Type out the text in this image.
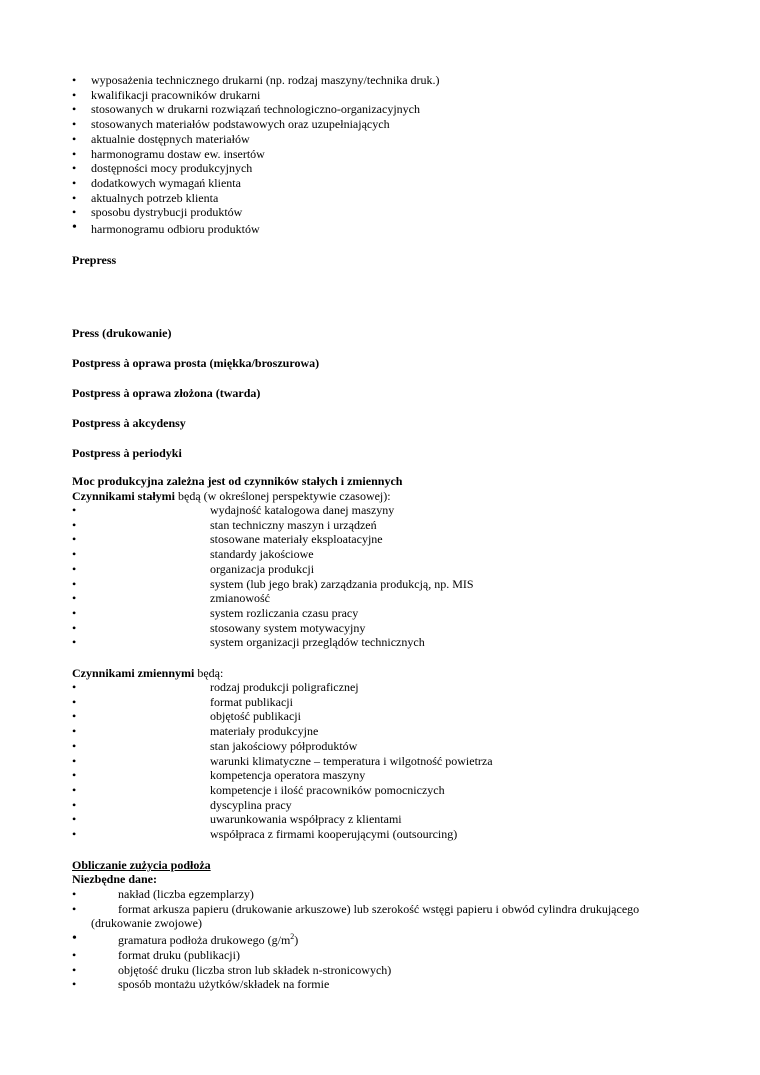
• wyposażenia technicznego drukarni (np. rodzaj maszyny/technika druk.)
• kwalifikacji pracowników drukarni
• stosowanych w drukarni rozwiązań technologiczno-organizacyjnych
• stosowanych materiałów podstawowych oraz uzupełniających
• aktualnie dostępnych materiałów
• harmonogramu dostaw ew. insertów
• dostępności mocy produkcyjnych
• dodatkowych wymagań klienta
• aktualnych potrzeb klienta
• sposobu dystrybucji produktów
• harmonogramu odbioru produktów
Prepress
Press (drukowanie)
Postpress à oprawa prosta (miękka/broszurowa)
Postpress à oprawa złożona (twarda)
Postpress à akcydensy
Postpress à periodyki
Moc produkcyjna zależna jest od czynników stałych i zmiennych
Czynnikami stałymi będą (w określonej perspektywie czasowej):
•	wydajność katalogowa danej maszyny
•	stan techniczny maszyn i urządzeń
•	stosowane materiały eksploatacyjne
•	standardy jakościowe
•	organizacja produkcji
•	system (lub jego brak) zarządzania produkcją, np. MIS
•	zmianowość
•	system rozliczania czasu pracy
•	stosowany system motywacyjny
•	system organizacji przeglądów technicznych
Czynnikami zmiennymi będą:
•	rodzaj produkcji poligraficznej
•	format publikacji
•	objętość publikacji
•	materiały produkcyjne
•	stan jakościowy półproduktów
•	warunki klimatyczne – temperatura i wilgotność powietrza
•	kompetencja operatora maszyny
•	kompetencje i ilość pracowników pomocniczych
•	dyscyplina pracy
•	uwarunkowania współpracy z klientami
•	współpraca z firmami kooperującymi (outsourcing)
Obliczanie zużycia podłoża
Niezbędne dane:
•	nakład (liczba egzemplarzy)
•	format arkusza papieru (drukowanie arkuszowe) lub szerokość wstęgi papieru i obwód cylindra drukującego
(drukowanie zwojowe)
•	gramatura podłoża drukowego $(g/m^2)$
•	format druku (publikacji)
•	objętość druku (liczba stron lub składek n-stronicowych)
•	sposób montażu użytków/składek na formie
